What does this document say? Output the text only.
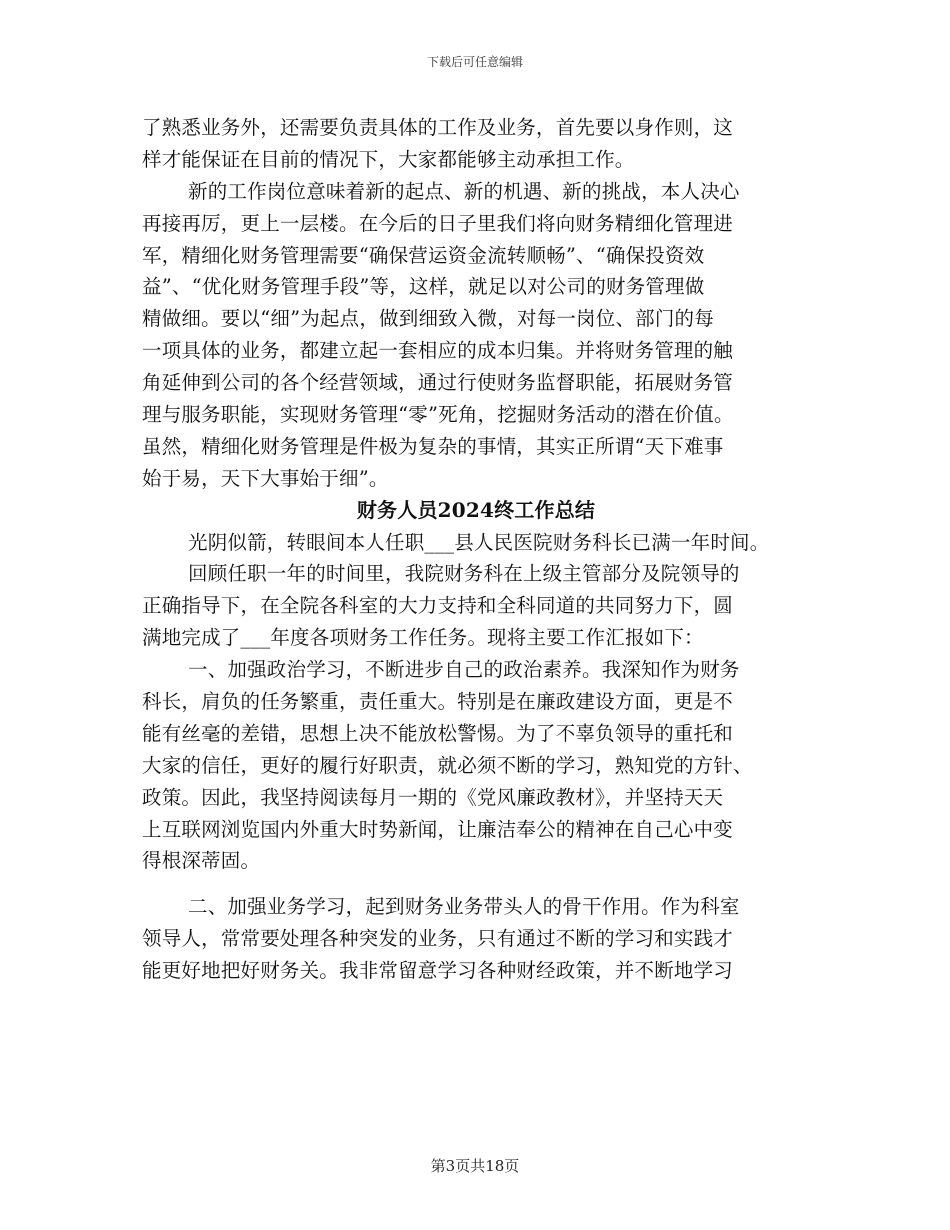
下载后可任意编辑
了熟悉业务外，还需要负责具体的工作及业务，首先要以身作则，这
样才能保证在目前的情况下，大家都能够主动承担工作。
新的工作岗位意味着新的起点、新的机遇、新的挑战，本人决心
再接再厉，更上一层楼。在今后的日子里我们将向财务精细化管理进
军，精细化财务管理需要“确保营运资金流转顺畅”、“确保投资效
益”、“优化财务管理手段”等，这样，就足以对公司的财务管理做
精做细。要以“细”为起点，做到细致入微，对每一岗位、部门的每
一项具体的业务，都建立起一套相应的成本归集。并将财务管理的触
角延伸到公司的各个经营领域，通过行使财务监督职能，拓展财务管
理与服务职能，实现财务管理“零”死角，挖掘财务活动的潜在价值。
虽然，精细化财务管理是件极为复杂的事情，其实正所谓“天下难事
始于易，天下大事始于细”。
财务人员2024终工作总结
光阴似箭，转眼间本人任职___县人民医院财务科长已满一年时间。
回顾任职一年的时间里，我院财务科在上级主管部分及院领导的
正确指导下，在全院各科室的大力支持和全科同道的共同努力下，圆
满地完成了___年度各项财务工作任务。现将主要工作汇报如下：
一、加强政治学习，不断进步自己的政治素养。我深知作为财务
科长，肩负的任务繁重，责任重大。特别是在廉政建设方面，更是不
能有丝毫的差错，思想上决不能放松警惕。为了不辜负领导的重托和
大家的信任，更好的履行好职责，就必须不断的学习，熟知党的方针、
政策。因此，我坚持阅读每月一期的《党风廉政教材》，并坚持天天
上互联网浏览国内外重大时势新闻，让廉洁奉公的精神在自己心中变
得根深蒂固。
二、加强业务学习，起到财务业务带头人的骨干作用。作为科室
领导人，常常要处理各种突发的业务，只有通过不断的学习和实践才
能更好地把好财务关。我非常留意学习各种财经政策，并不断地学习
第3页共18页
